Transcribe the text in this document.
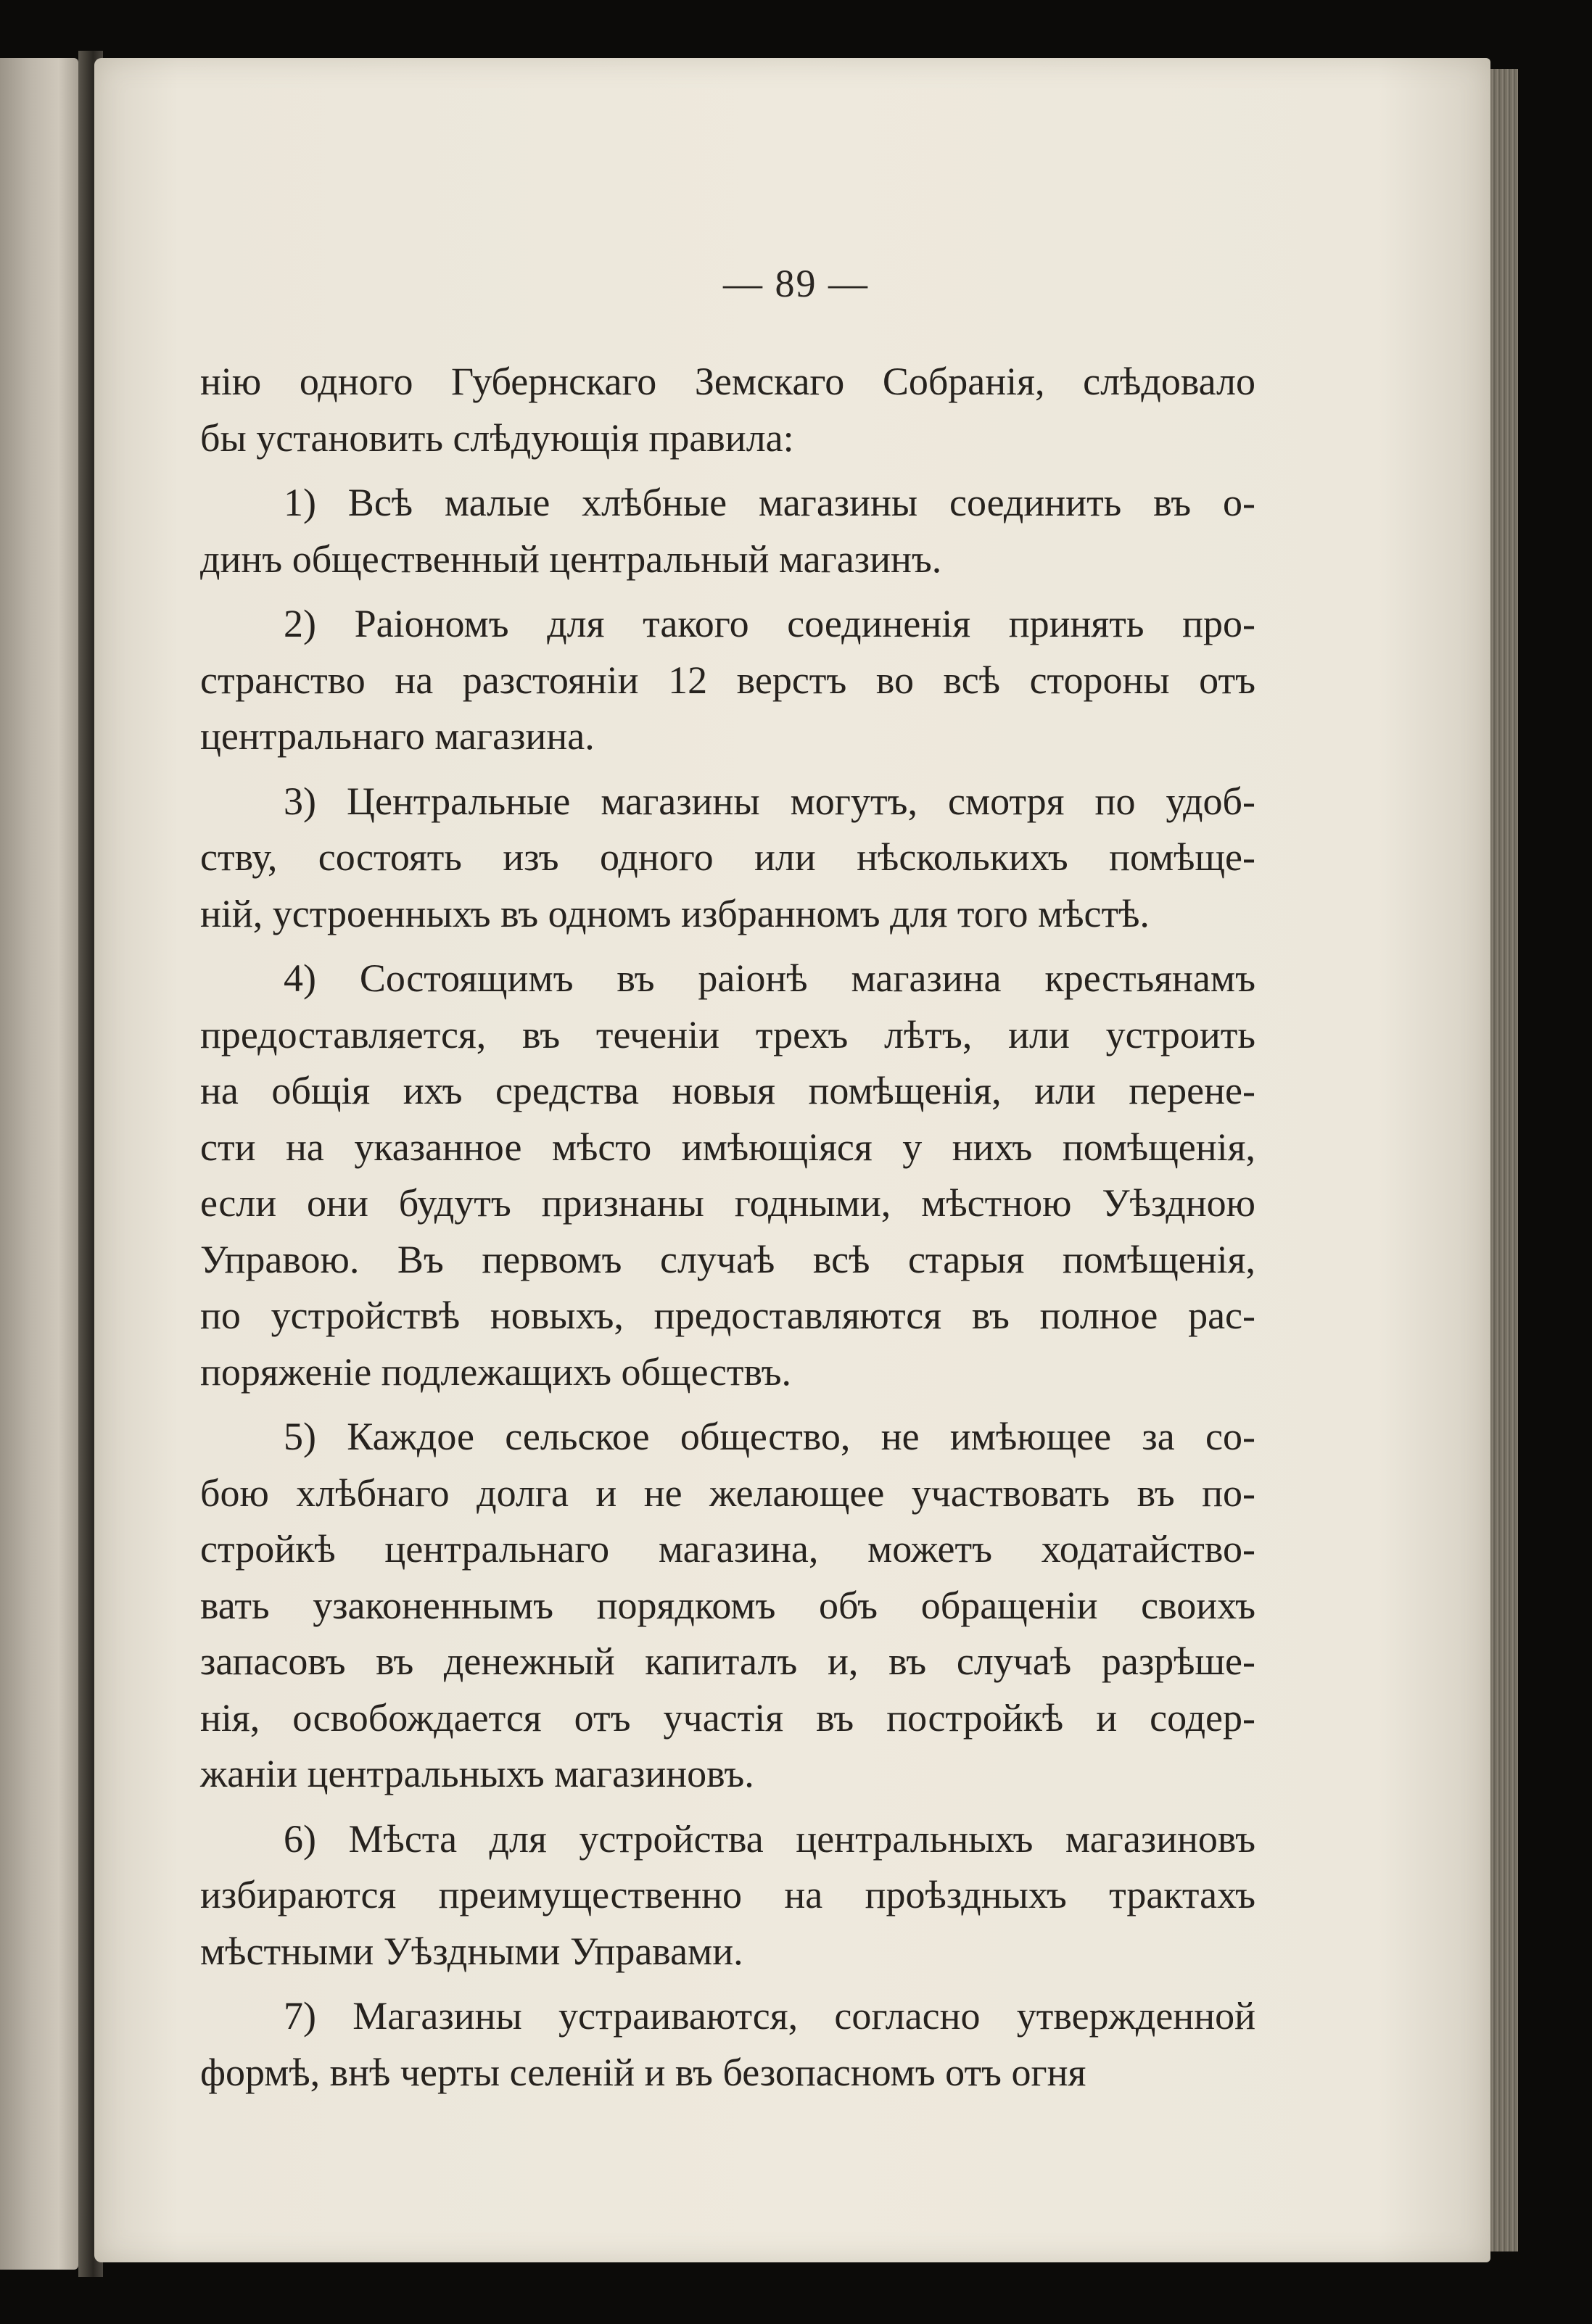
— 89 —
нію одного Губернскаго Земскаго Собранія, слѣдовало
бы установить слѣдующія правила:
1) Всѣ малые хлѣбные магазины соединить въ о-
динъ общественный центральный магазинъ.
2) Раіономъ для такого соединенія принять про-
странство на разстояніи 12 верстъ во всѣ стороны отъ
центральнаго магазина.
3) Центральные магазины могутъ, смотря по удоб-
ству, состоять изъ одного или нѣсколькихъ помѣще-
ній, устроенныхъ въ одномъ избранномъ для того мѣстѣ.
4) Состоящимъ въ раіонѣ магазина крестьянамъ
предоставляется, въ теченіи трехъ лѣтъ, или устроить
на общія ихъ средства новыя помѣщенія, или перене-
сти на указанное мѣсто имѣющіяся у нихъ помѣщенія,
если они будутъ признаны годными, мѣстною Уѣздною
Управою. Въ первомъ случаѣ всѣ старыя помѣщенія,
по устройствѣ новыхъ, предоставляются въ полное рас-
поряженіе подлежащихъ обществъ.
5) Каждое сельское общество, не имѣющее за со-
бою хлѣбнаго долга и не желающее участвовать въ по-
стройкѣ центральнаго магазина, можетъ ходатайство-
вать узаконеннымъ порядкомъ объ обращеніи своихъ
запасовъ въ денежный капиталъ и, въ случаѣ разрѣше-
нія, освобождается отъ участія въ постройкѣ и содер-
жаніи центральныхъ магазиновъ.
6) Мѣста для устройства центральныхъ магазиновъ
избираются преимущественно на проѣздныхъ трактахъ
мѣстными Уѣздными Управами.
7) Магазины устраиваются, согласно утвержденной
формѣ, внѣ черты селеній и въ безопасномъ отъ огня
